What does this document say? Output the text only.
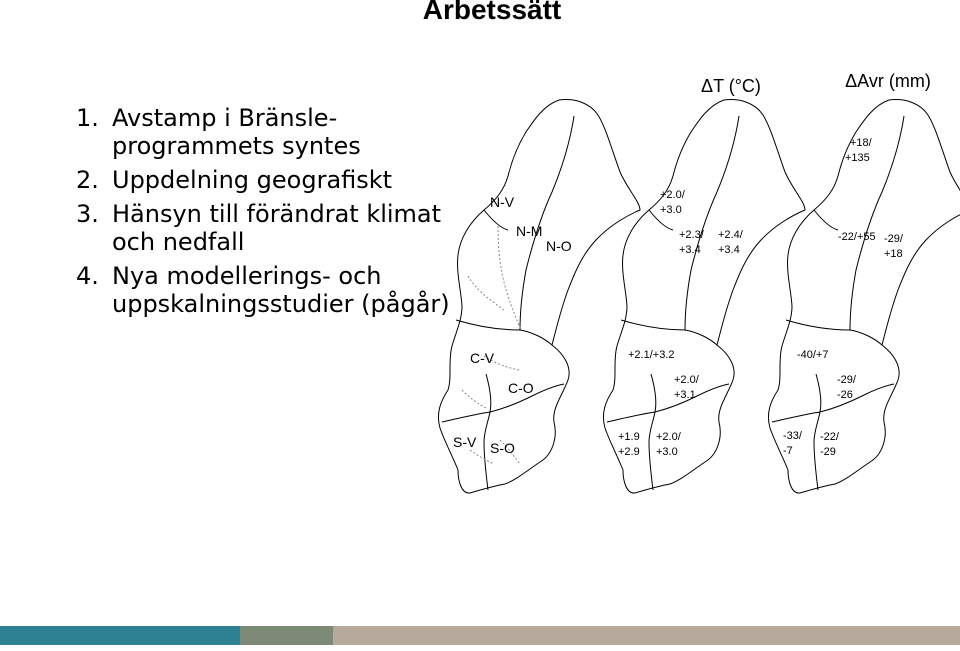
Arbetssätt
1. Avstamp i Bränsle-programmets syntes
2. Uppdelning geografiskt
3. Hänsyn till förändrat klimat och nedfall
4. Nya modellerings- och uppskalningsstudier (pågår)
ΔT (°C)	ΔAvr (mm)
N-V
N-M
N-O
C-V
C-O
S-V S-O
+2.0/
+3.0
+2.3/
+3.4
+2.4/
+3.4
+2.1/+3.2
+2.0/
+3.1
+1.9
+2.9
+2.0/
+3.0
+18/
+135
-22/+55 -29/
+18
-40/+7
-29/
-26
-33/
-7
-22/
-29
